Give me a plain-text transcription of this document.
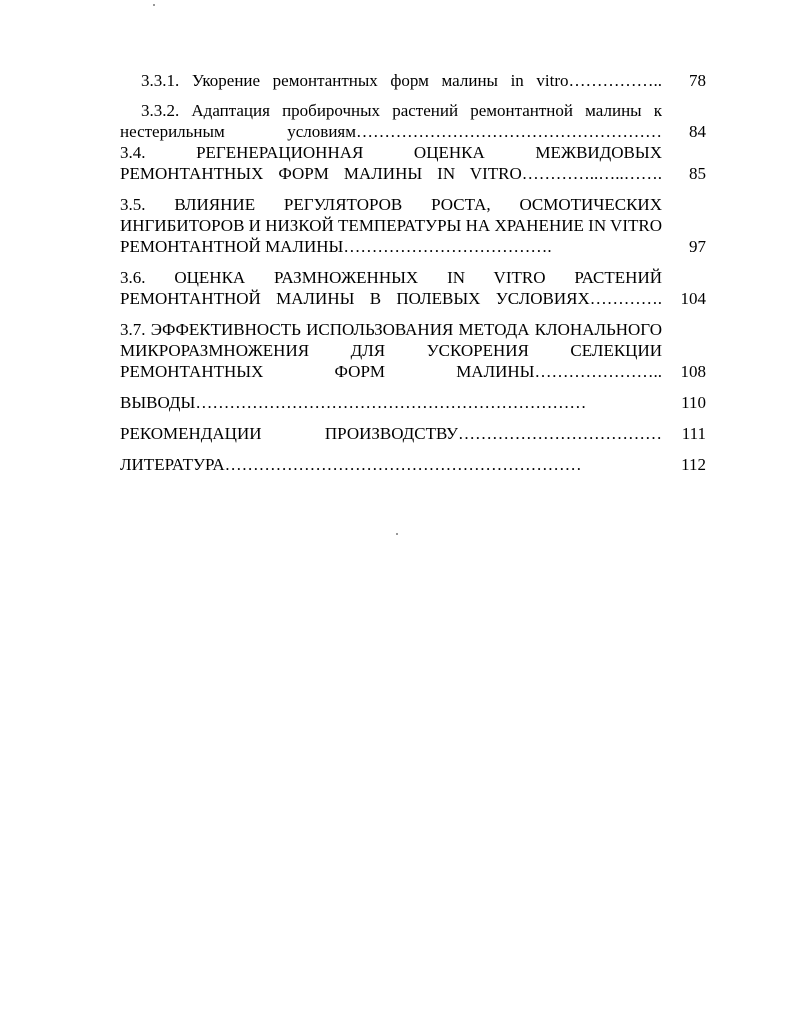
3.3.1. Укорение ремонтантных форм малины in vitro……………..	78
3.3.2. Адаптация пробирочных растений ремонтантной малины к нестерильным условиям………………………………………………	84
3.4. РЕГЕНЕРАЦИОННАЯ ОЦЕНКА МЕЖВИДОВЫХ РЕМОНТАНТНЫХ ФОРМ МАЛИНЫ IN VITRO…………..…..…….	85
3.5. ВЛИЯНИЕ РЕГУЛЯТОРОВ РОСТА, ОСМОТИЧЕСКИХ ИНГИБИТОРОВ И НИЗКОЙ ТЕМПЕРАТУРЫ НА ХРАНЕНИЕ IN VITRO РЕМОНТАНТНОЙ МАЛИНЫ……………………………….	97
3.6. ОЦЕНКА РАЗМНОЖЕННЫХ IN VITRO РАСТЕНИЙ РЕМОНТАНТНОЙ МАЛИНЫ В ПОЛЕВЫХ УСЛОВИЯХ………….	104
3.7. ЭФФЕКТИВНОСТЬ ИСПОЛЬЗОВАНИЯ МЕТОДА КЛОНАЛЬНОГО МИКРОРАЗМНОЖЕНИЯ ДЛЯ УСКОРЕНИЯ СЕЛЕКЦИИ РЕМОНТАНТНЫХ ФОРМ МАЛИНЫ…………………..	108
ВЫВОДЫ……………………………………………………………	110
РЕКОМЕНДАЦИИ ПРОИЗВОДСТВУ………………………………	111
ЛИТЕРАТУРА………………………………………………………	112
